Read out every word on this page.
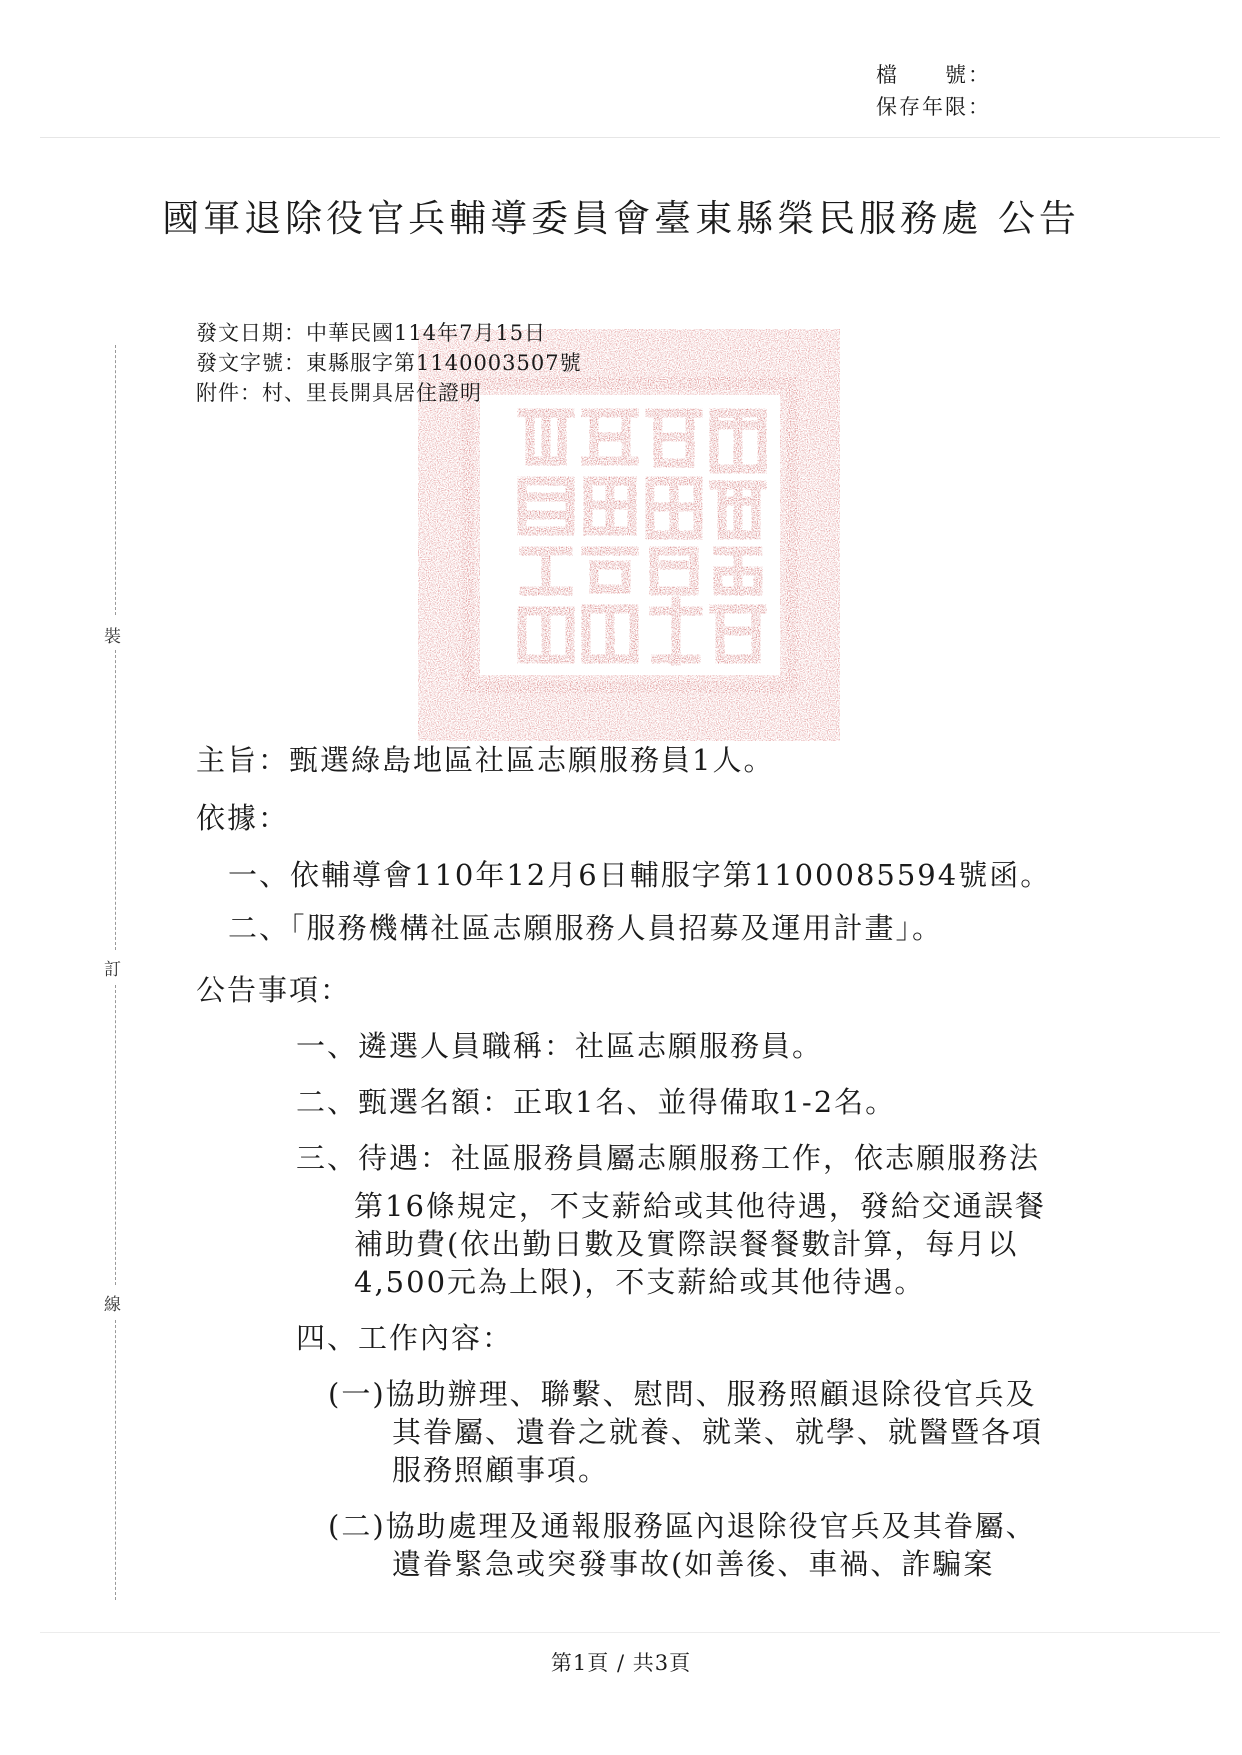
檔　　號：
保存年限：
國軍退除役官兵輔導委員會臺東縣榮民服務處 公告
裝
訂
線
發文日期：中華民國114年7月15日
發文字號：東縣服字第1140003507號
附件：村、里長開具居住證明
主旨：甄選綠島地區社區志願服務員1人。
依據：
一、依輔導會110年12月6日輔服字第1100085594號函。
二、「服務機構社區志願服務人員招募及運用計畫」。
公告事項：
一、遴選人員職稱：社區志願服務員。
二、甄選名額：正取1名、並得備取1-2名。
三、待遇：社區服務員屬志願服務工作，依志願服務法
第16條規定，不支薪給或其他待遇，發給交通誤餐
補助費(依出勤日數及實際誤餐餐數計算，每月以
4,500元為上限)，不支薪給或其他待遇。
四、工作內容：
(一)協助辦理、聯繫、慰問、服務照顧退除役官兵及
其眷屬、遺眷之就養、就業、就學、就醫暨各項
服務照顧事項。
(二)協助處理及通報服務區內退除役官兵及其眷屬、
遺眷緊急或突發事故(如善後、車禍、詐騙案
第1頁 / 共3頁
